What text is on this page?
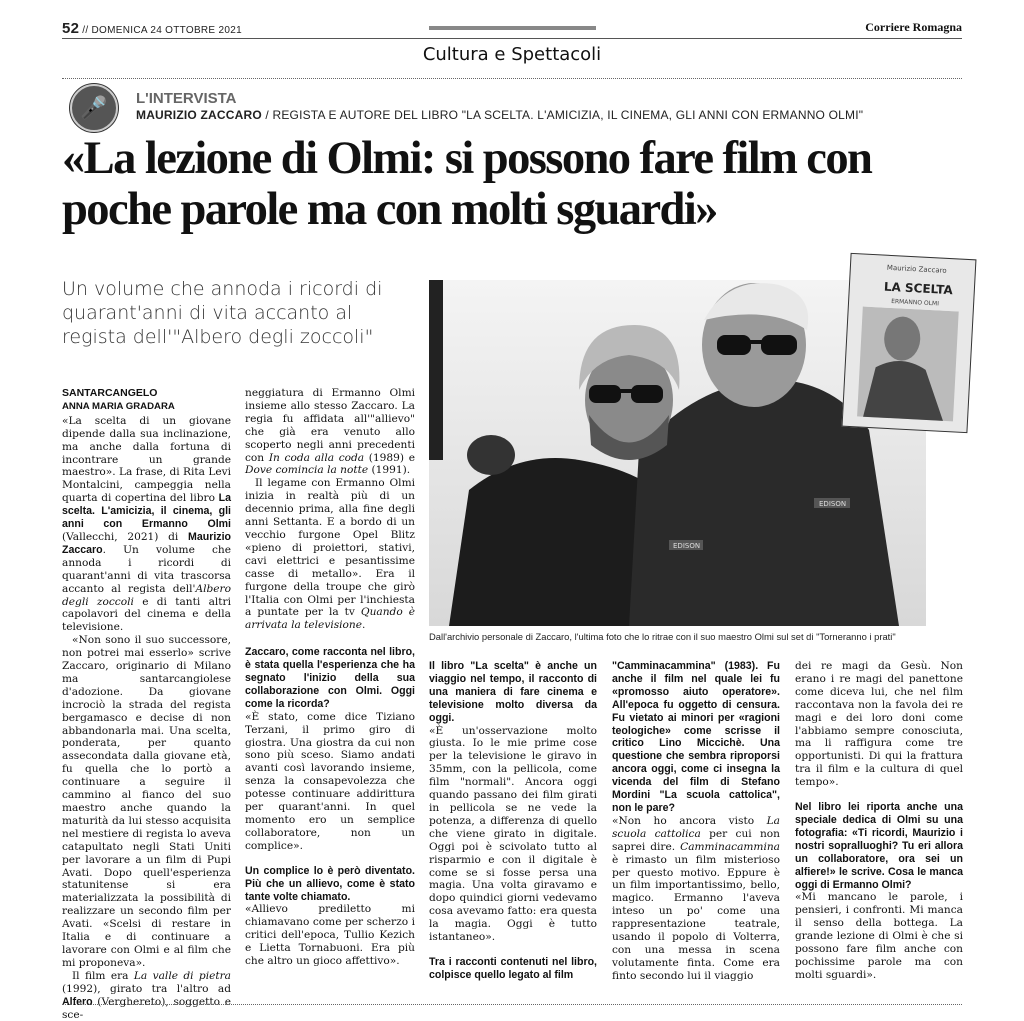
52 // DOMENICA 24 OTTOBRE 2021	Corriere Romagna
Cultura e Spettacoli
🎤 L'INTERVISTA
MAURIZIO ZACCARO / REGISTA E AUTORE DEL LIBRO "LA SCELTA. L'AMICIZIA, IL CINEMA, GLI ANNI CON ERMANNO OLMI"
«La lezione di Olmi: si possono fare film con poche parole ma con molti sguardi»
Un volume che annoda i ricordi di quarant'anni di vita accanto al regista dell'"Albero degli zoccoli"
EDISON
EDISON
Maurizio Zaccaro
LA SCELTA
ERMANNO OLMI
Dall'archivio personale di Zaccaro, l'ultima foto che lo ritrae con il suo maestro Olmi sul set di "Torneranno i prati"
SANTARCANGELO
ANNA MARIA GRADARA

«La scelta di un giovane dipende dalla sua inclinazione, ma anche dalla fortuna di incontrare un grande maestro». La frase, di Rita Levi Montalcini, campeggia nella quarta di copertina del libro La scelta. L'amicizia, il cinema, gli anni con Ermanno Olmi (Vallecchi, 2021) di Maurizio Zaccaro. Un volume che annoda i ricordi di quarant'anni di vita trascorsa accanto al regista dell'Albero degli zoccoli e di tanti altri capolavori del cinema e della televisione.

«Non sono il suo successore, non potrei mai esserlo» scrive Zaccaro, originario di Milano ma santarcangiolese d'adozione. Da giovane incrociò la strada del regista bergamasco e decise di non abbandonarla mai. Una scelta, ponderata, per quanto assecondata dalla giovane età, fu quella che lo portò a continuare a seguire il cammino al fianco del suo maestro anche quando la maturità da lui stesso acquisita nel mestiere di regista lo aveva catapultato negli Stati Uniti per lavorare a un film di Pupi Avati. Dopo quell'esperienza statunitense si era materializzata la possibilità di realizzare un secondo film per Avati. «Scelsi di restare in Italia e di continuare a lavorare con Olmi e al film che mi proponeva».

Il film era La valle di pietra (1992), girato tra l'altro ad Alfero (Verghereto), soggetto e sce-

neggiatura di Ermanno Olmi insieme allo stesso Zaccaro. La regia fu affidata all'"allievo" che già era venuto allo scoperto negli anni precedenti con In coda alla coda (1989) e Dove comincia la notte (1991).

Il legame con Ermanno Olmi inizia in realtà più di un decennio prima, alla fine degli anni Settanta. E a bordo di un vecchio furgone Opel Blitz «pieno di proiettori, stativi, cavi elettrici e pesantissime casse di metallo». Era il furgone della troupe che girò l'Italia con Olmi per l'inchiesta a puntate per la tv Quando è arrivata la televisione.

Zaccaro, come racconta nel libro, è stata quella l'esperienza che ha segnato l'inizio della sua collaborazione con Olmi. Oggi come la ricorda?

«È stato, come dice Tiziano Terzani, il primo giro di giostra. Una giostra da cui non sono più sceso. Siamo andati avanti così lavorando insieme, senza la consapevolezza che potesse continuare addirittura per quarant'anni. In quel momento ero un semplice collaboratore, non un complice».

Un complice lo è però diventato. Più che un allievo, come è stato tante volte chiamato.

«Allievo prediletto mi chiamavano come per scherzo i critici dell'epoca, Tullio Kezich e Lietta Tornabuoni. Era più che altro un gioco affettivo».

Il libro "La scelta" è anche un viaggio nel tempo, il racconto di una maniera di fare cinema e televisione molto diversa da oggi.

«È un'osservazione molto giusta. Io le mie prime cose per la televisione le giravo in 35mm, con la pellicola, come film "normali". Ancora oggi quando passano dei film girati in pellicola se ne vede la potenza, a differenza di quello che viene girato in digitale. Oggi poi è scivolato tutto al risparmio e con il digitale è come se si fosse persa una magia. Una volta giravamo e dopo quindici giorni vedevamo cosa avevamo fatto: era questa la magia. Oggi è tutto istantaneo».

Tra i racconti contenuti nel libro, colpisce quello legato al film

"Camminacammina" (1983). Fu anche il film nel quale lei fu «promosso aiuto operatore». All'epoca fu oggetto di censura. Fu vietato ai minori per «ragioni teologiche» come scrisse il critico Lino Miccichè. Una questione che sembra riproporsi ancora oggi, come ci insegna la vicenda del film di Stefano Mordini "La scuola cattolica", non le pare?

«Non ho ancora visto La scuola cattolica per cui non saprei dire. Camminacammina è rimasto un film misterioso per questo motivo. Eppure è un film importantissimo, bello, magico. Ermanno l'aveva inteso un po' come una rappresentazione teatrale, usando il popolo di Volterra, con una messa in scena volutamente finta. Come era finto secondo lui il viaggio

dei re magi da Gesù. Non erano i re magi del panettone come diceva lui, che nel film raccontava non la favola dei re magi e dei loro doni come l'abbiamo sempre conosciuta, ma li raffigura come tre opportunisti. Di qui la frattura tra il film e la cultura di quel tempo».

Nel libro lei riporta anche una speciale dedica di Olmi su una fotografia: «Ti ricordi, Maurizio i nostri sopralluoghi? Tu eri allora un collaboratore, ora sei un alfiere!» le scrive. Cosa le manca oggi di Ermanno Olmi?

«Mi mancano le parole, i pensieri, i confronti. Mi manca il senso della bottega. La grande lezione di Olmi è che si possono fare film anche con pochissime parole ma con molti sguardi».
